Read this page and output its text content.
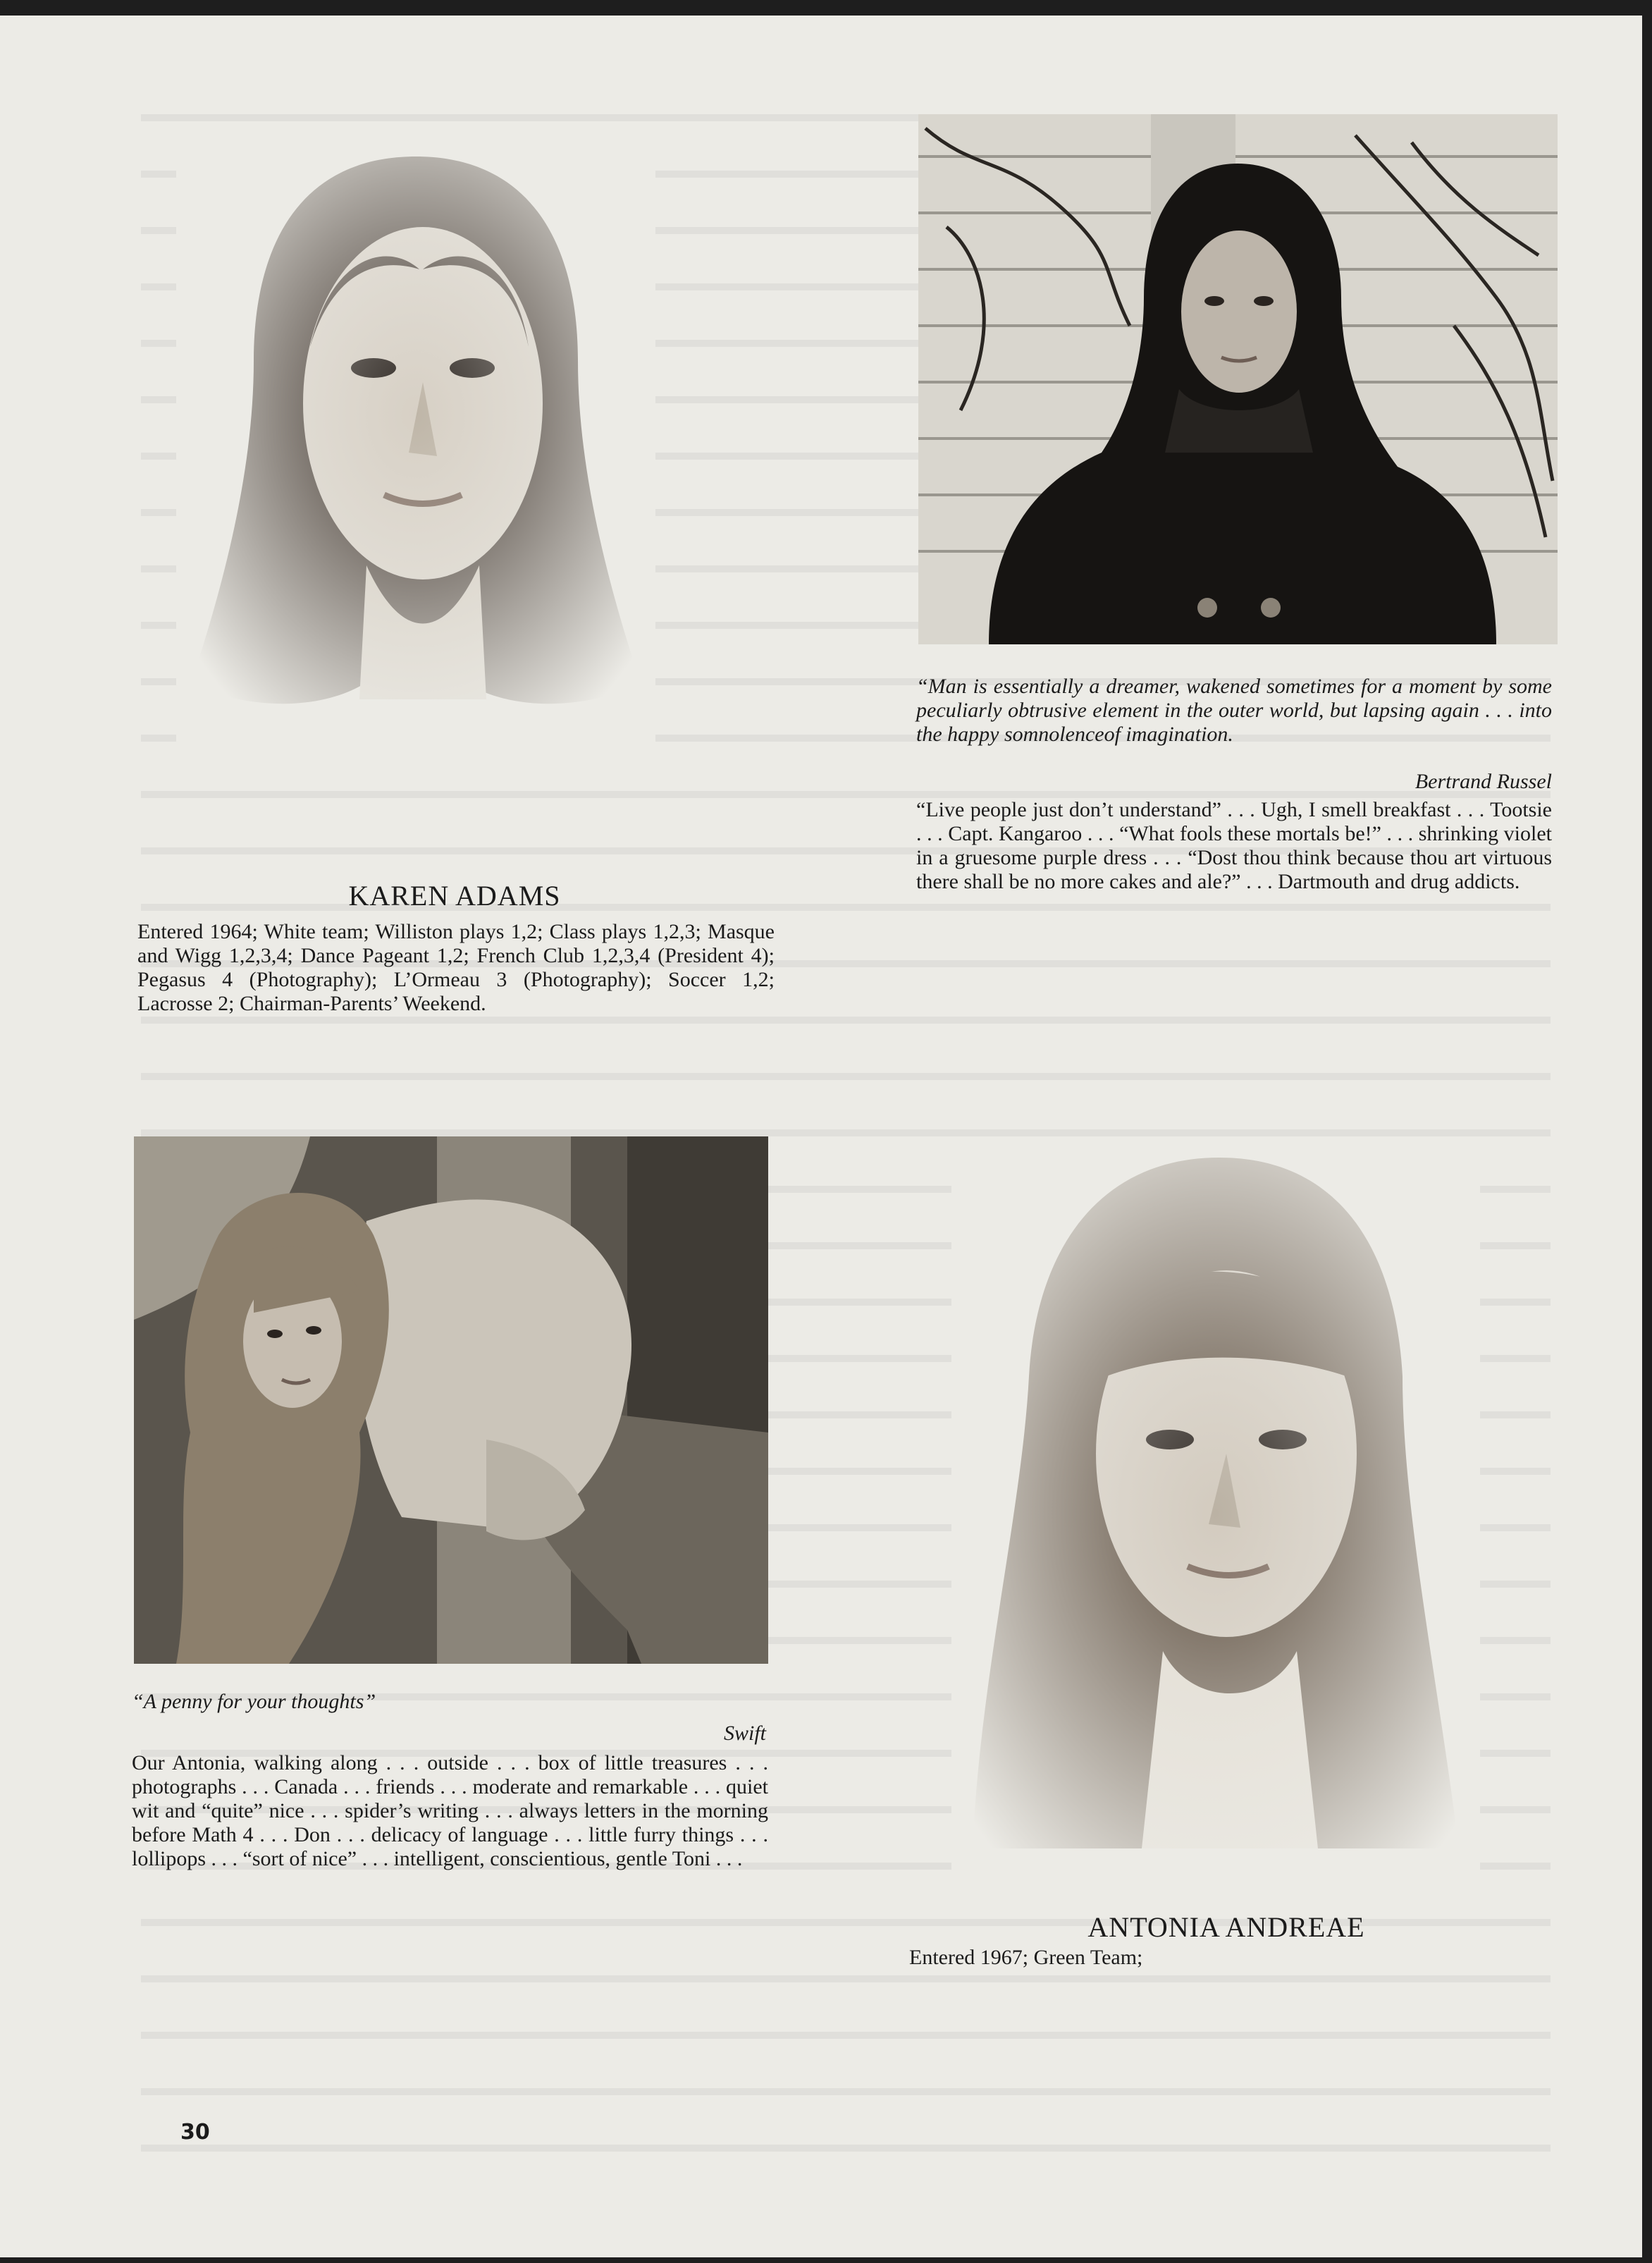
“Man is essentially a dreamer, wakened sometimes for a moment by some peculiarly obtrusive element in the outer world, but lapsing again . . . into the happy somnolenceof imagination.

Bertrand Russel

“Live people just don’t understand” . . . Ugh, I smell breakfast . . . Tootsie . . . Capt. Kangaroo . . . “What fools these mortals be!” . . . shrinking violet in a gruesome purple dress . . . “Dost thou think because thou art virtuous there shall be no more cakes and ale?” . . . Dartmouth and drug addicts.

KAREN ADAMS

Entered 1964; White team; Williston plays 1,2; Class plays 1,2,3; Masque and Wigg 1,2,3,4; Dance Pageant 1,2; French Club 1,2,3,4 (President 4); Pegasus 4 (Photography); L’Ormeau 3 (Photography); Soccer 1,2; Lacrosse 2; Chairman-Parents’ Weekend.

“A penny for your thoughts”

Swift

Our Antonia, walking along . . . outside . . . box of little treasures . . . photographs . . . Canada . . . friends . . . moderate and remarkable . . . quiet wit and “quite” nice . . . spider’s writing . . . always letters in the morning before Math 4 . . . Don . . . delicacy of language . . . little furry things . . . lollipops . . . “sort of nice” . . . intelligent, conscientious, gentle Toni . . .

ANTONIA ANDREAE

Entered 1967; Green Team;

30
